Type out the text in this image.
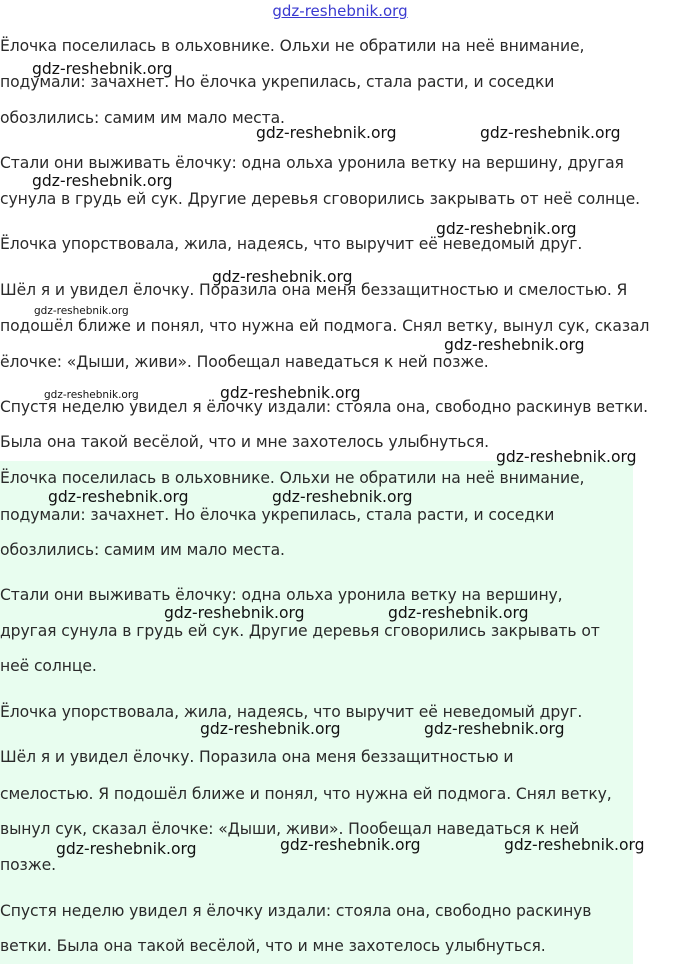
gdz-reshebnik.org
Ёлочка поселилась в ольховнике. Ольхи не обратили на неё внимание,
подумали: зачахнет. Но ёлочка укрепилась, стала расти, и соседки
обозлились: самим им мало места.
Стали они выживать ёлочку: одна ольха уронила ветку на вершину, другая
сунула в грудь ей сук. Другие деревья сговорились закрывать от неё солнце.
Ёлочка упорствовала, жила, надеясь, что выручит её неведомый друг.
Шёл я и увидел ёлочку. Поразила она меня беззащитностью и смелостью. Я
подошёл ближе и понял, что нужна ей подмога. Снял ветку, вынул сук, сказал
ёлочке: «Дыши, живи». Пообещал наведаться к ней позже.
Спустя неделю увидел я ёлочку издали: стояла она, свободно раскинув ветки.
Была она такой весёлой, что и мне захотелось улыбнуться.
Ёлочка поселилась в ольховнике. Ольхи не обратили на неё внимание,
подумали: зачахнет. Но ёлочка укрепилась, стала расти, и соседки
обозлились: самим им мало места.
Стали они выживать ёлочку: одна ольха уронила ветку на вершину,
другая сунула в грудь ей сук. Другие деревья сговорились закрывать от
неё солнце.
Ёлочка упорствовала, жила, надеясь, что выручит её неведомый друг.
Шёл я и увидел ёлочку. Поразила она меня беззащитностью и
смелостью. Я подошёл ближе и понял, что нужна ей подмога. Снял ветку,
вынул сук, сказал ёлочке: «Дыши, живи». Пообещал наведаться к ней
позже.
Спустя неделю увидел я ёлочку издали: стояла она, свободно раскинув
ветки. Была она такой весёлой, что и мне захотелось улыбнуться.
gdz-reshebnik.org
gdz-reshebnik.org	gdz-reshebnik.org
gdz-reshebnik.org
gdz-reshebnik.org
gdz-reshebnik.org
gdz-reshebnik.org
gdz-reshebnik.org
gdz-reshebnik.org	gdz-reshebnik.org
gdz-reshebnik.org
gdz-reshebnik.org	gdz-reshebnik.org
gdz-reshebnik.org	gdz-reshebnik.org
gdz-reshebnik.org	gdz-reshebnik.org
gdz-reshebnik.org	gdz-reshebnik.org	gdz-reshebnik.org
